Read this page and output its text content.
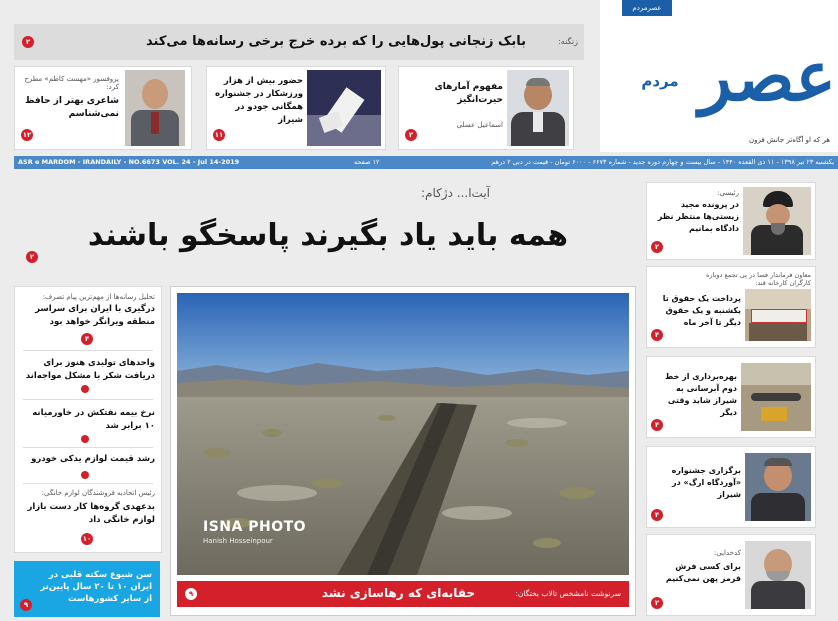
عصرمردم
عصر
مردم
هر که او آگاه‌تر جانش فزون
بابک زنجانی پول‌هایی را که برده خرج برخی رسانه‌ها می‌کند	زنگنه:
۲
پروفسور «مهست کاظم» مطرح کرد:
شاعری بهتر از حافظ نمی‌شناسم
۱۲
حضور بیش از هزار ورزشکار در جشنواره همگانی جودو در شیراز
۱۱
مفهوم آمارهای حیرت‌انگیز
اسماعیل عسلی
۲
ASR e MARDOM - IRANDAILY - NO.6673 VOL. 24 - Jul 14-2019	۱۲ صفحه	یکشنبه ۲۳ تیر ۱۳۹۸ - ۱۱ ذی القعده ۱۴۴۰ - سال بیست و چهارم دوره جدید - شماره ۶۶۷۳ - ۶۰۰۰ تومان - قیمت در دبی ۲ درهم
آیت‌ا... دژکام:
همه باید یاد بگیرند پاسخگو باشند
۲
تحلیل رسانه‌ها از مهم‌ترین پیام تصرف:
درگیری با ایران برای سراسر منطقه ویرانگر خواهد بود
۴
واحدهای تولیدی هنوز برای دریافت شکر با مشکل مواجه‌اند
نرخ بیمه نفتکش در خاورمیانه ۱۰ برابر شد
رشد قیمت لوازم یدکی خودرو
رئیس اتحادیه فروشندگان لوازم خانگی:
بدعهدی گروه‌ها کار دست بازار لوازم خانگی داد
۱۰
سن شیوع سکته قلبی در ایران ۱۰ تا ۲۰ سال پایین‌تر از سایر کشورهاست
۹
ISNA PHOTO
Hanish Hosseinpour
حقابه‌ای که رهاسازی نشد	سرنوشت نامشخص تالاب بختگان:
۹
رئیسی:
در پرونده مجید زیستی‌ها منتظر نظر دادگاه بمانیم
۲
معاون فرماندار فسا در پی تجمع دوباره کارگران کارخانه قند:
پرداخت یک حقوق تا یکشنبه و یک حقوق دیگر تا آخر ماه
۴
بهره‌برداری از خط دوم آبرسانی به شیراز شاید وقتی دیگر
۴
برگزاری جشنواره «آوردگاه ارگ» در شیراز
۴
کدخدایی:
برای کسی فرش قرمز پهن نمی‌کنیم
۲
